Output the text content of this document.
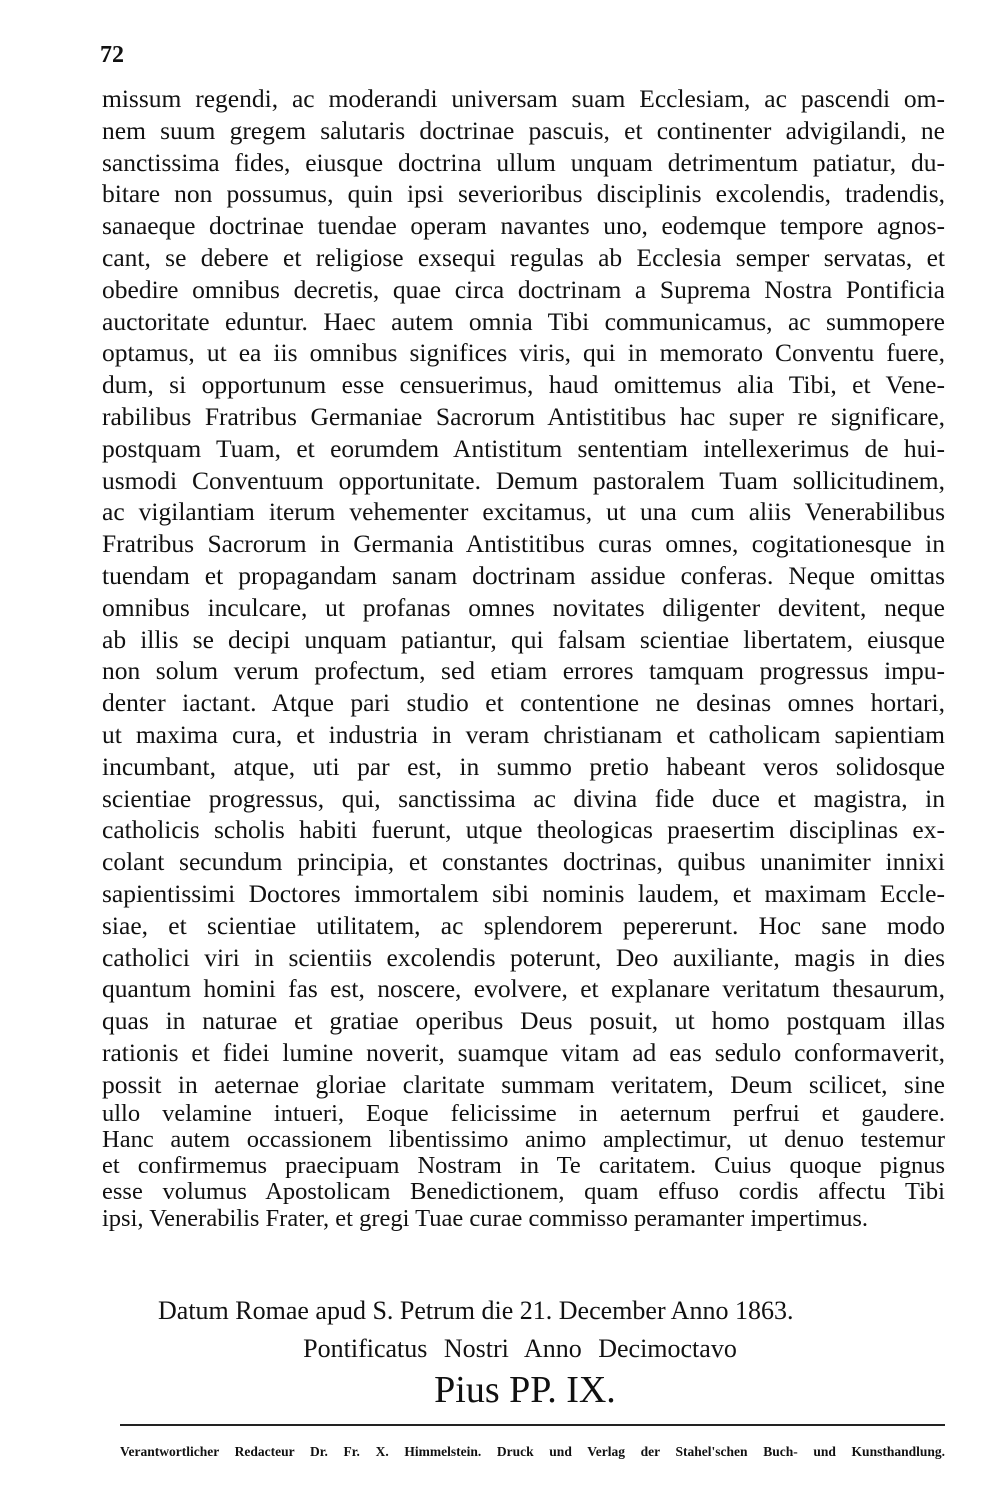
72
missum regendi, ac moderandi universam suam Ecclesiam, ac pascendi om-
nem suum gregem salutaris doctrinae pascuis, et continenter advigilandi, ne
sanctissima fides, eiusque doctrina ullum unquam detrimentum patiatur, du-
bitare non possumus, quin ipsi severioribus disciplinis excolendis, tradendis,
sanaeque doctrinae tuendae operam navantes uno, eodemque tempore agnos-
cant, se debere et religiose exsequi regulas ab Ecclesia semper servatas, et
obedire omnibus decretis, quae circa doctrinam a Suprema Nostra Pontificia
auctoritate eduntur. Haec autem omnia Tibi communicamus, ac summopere
optamus, ut ea iis omnibus significes viris, qui in memorato Conventu fuere,
dum, si opportunum esse censuerimus, haud omittemus alia Tibi, et Vene-
rabilibus Fratribus Germaniae Sacrorum Antistitibus hac super re significare,
postquam Tuam, et eorumdem Antistitum sententiam intellexerimus de hui-
usmodi Conventuum opportunitate. Demum pastoralem Tuam sollicitudinem,
ac vigilantiam iterum vehementer excitamus, ut una cum aliis Venerabilibus
Fratribus Sacrorum in Germania Antistitibus curas omnes, cogitationesque in
tuendam et propagandam sanam doctrinam assidue conferas. Neque omittas
omnibus inculcare, ut profanas omnes novitates diligenter devitent, neque
ab illis se decipi unquam patiantur, qui falsam scientiae libertatem, eiusque
non solum verum profectum, sed etiam errores tamquam progressus impu-
denter iactant. Atque pari studio et contentione ne desinas omnes hortari,
ut maxima cura, et industria in veram christianam et catholicam sapientiam
incumbant, atque, uti par est, in summo pretio habeant veros solidosque
scientiae progressus, qui, sanctissima ac divina fide duce et magistra, in
catholicis scholis habiti fuerunt, utque theologicas praesertim disciplinas ex-
colant secundum principia, et constantes doctrinas, quibus unanimiter innixi
sapientissimi Doctores immortalem sibi nominis laudem, et maximam Eccle-
siae, et scientiae utilitatem, ac splendorem pepererunt. Hoc sane modo
catholici viri in scientiis excolendis poterunt, Deo auxiliante, magis in dies
quantum homini fas est, noscere, evolvere, et explanare veritatum thesaurum,
quas in naturae et gratiae operibus Deus posuit, ut homo postquam illas
rationis et fidei lumine noverit, suamque vitam ad eas sedulo conformaverit,
possit in aeternae gloriae claritate summam veritatem, Deum scilicet, sine
ullo velamine intueri, Eoque felicissime in aeternum perfrui et gaudere.
Hanc autem occassionem libentissimo animo amplectimur, ut denuo testemur
et confirmemus praecipuam Nostram in Te caritatem. Cuius quoque pignus
esse volumus Apostolicam Benedictionem, quam effuso cordis affectu Tibi
ipsi, Venerabilis Frater, et gregi Tuae curae commisso peramanter impertimus.
Datum Romae apud S. Petrum die 21. December Anno 1863.
Pontificatus Nostri Anno Decimoctavo
Pius PP. IX.
Verantwortlicher Redacteur Dr. Fr. X. Himmelstein. Druck und Verlag der Stahel'schen Buch- und Kunsthandlung.
